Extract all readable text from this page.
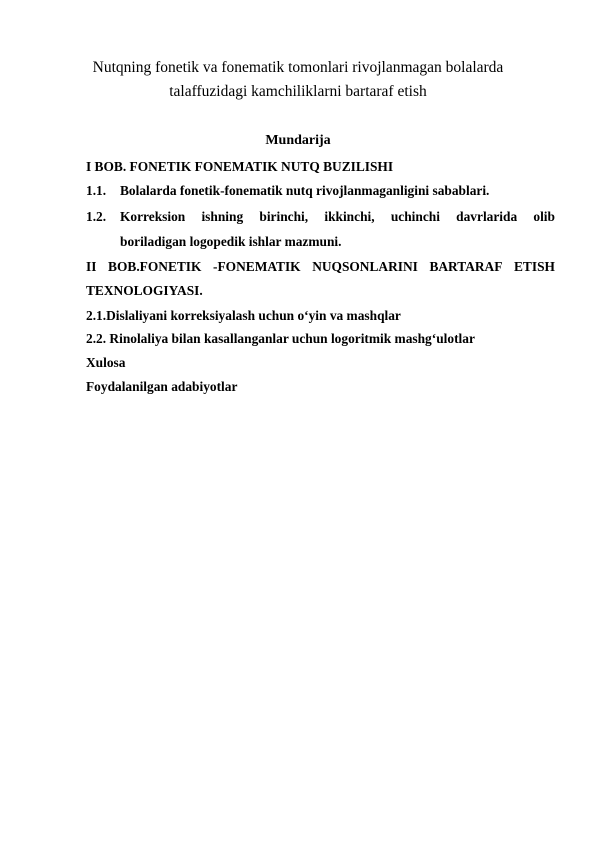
Nutqning fonetik va fonematik tomonlari rivojlanmagan bolalarda
talaffuzidagi kamchiliklarni bartaraf etish
Mundarija
I BOB. FONETIK FONEMATIK NUTQ BUZILISHI
1.1. Bolalarda fonetik-fonematik nutq rivojlanmaganligini sabablari.
1.2. Korreksion ishning birinchi, ikkinchi, uchinchi davrlarida olib
boriladigan logopedik ishlar mazmuni.
II BOB.FONETIK -FONEMATIK NUQSONLARINI BARTARAF ETISH
TEXNOLOGIYASI.
2.1.Dislaliyani korreksiyalash uchun o‘yin va mashqlar
2.2. Rinolaliya bilan kasallanganlar uchun logoritmik mashg‘ulotlar
Xulosa
Foydalanilgan adabiyotlar
